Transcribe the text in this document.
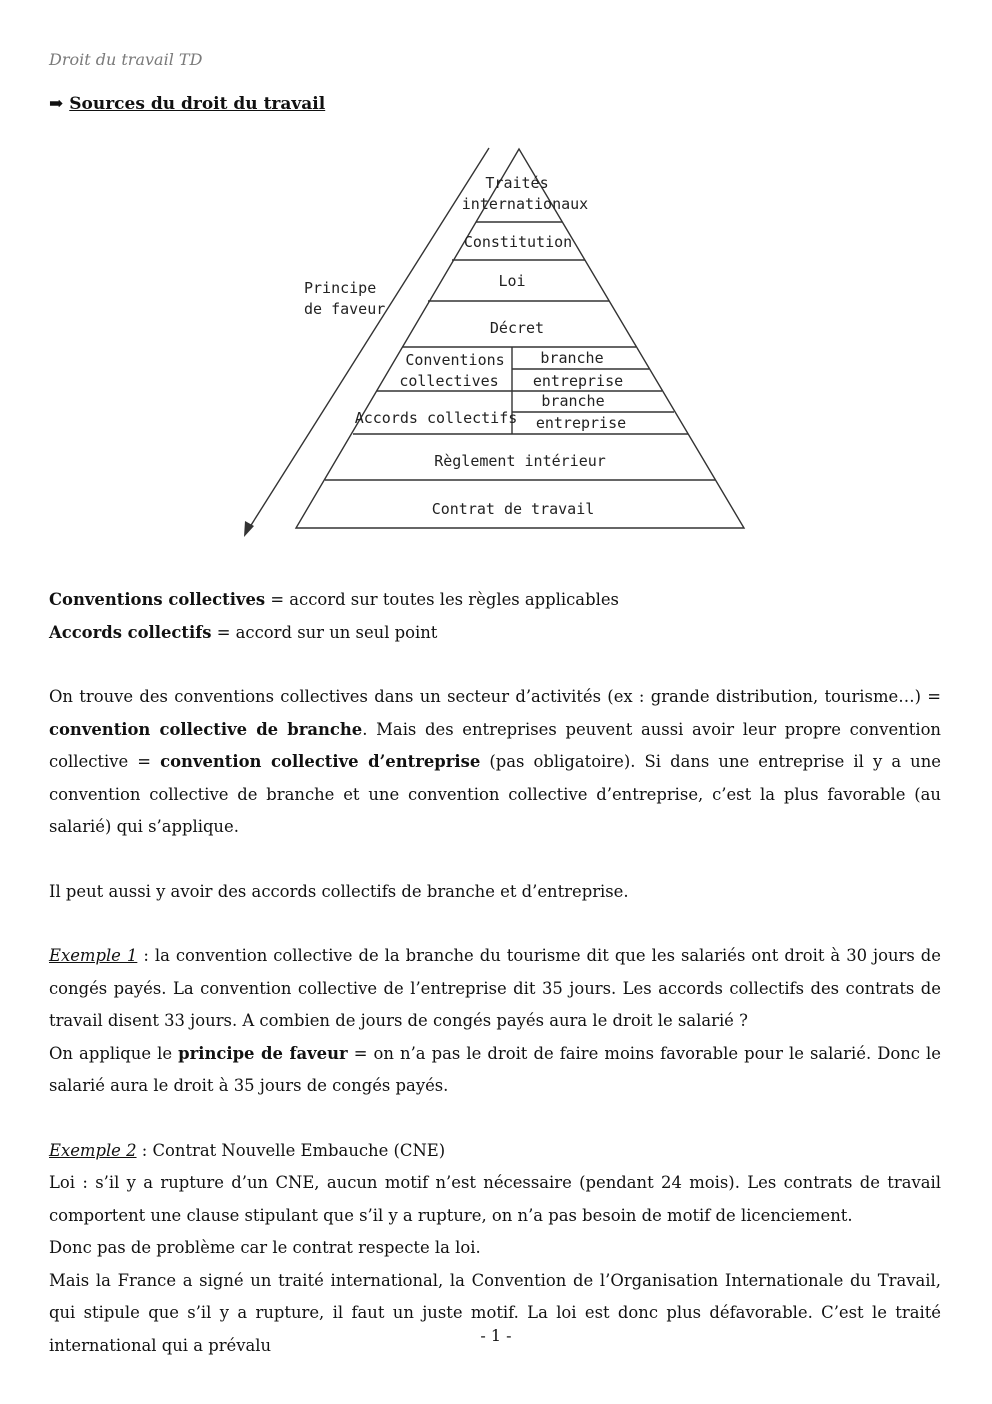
Droit du travail TD
➡ Sources du droit du travail
Principe
de faveur
Traités
internationaux
Constitution
Loi
Décret
Conventions
collectives
branche
entreprise
Accords collectifs
branche
entreprise
Règlement intérieur
Contrat de travail

Conventions collectives = accord sur toutes les règles applicables

Accords collectifs = accord sur un seul point

On trouve des conventions collectives dans un secteur d’activités (ex : grande distribution, tourisme…) = convention collective de branche. Mais des entreprises peuvent aussi avoir leur propre convention collective = convention collective d’entreprise (pas obligatoire). Si dans une entreprise il y a une convention collective de branche et une convention collective d’entreprise, c’est la plus favorable (au salarié) qui s’applique.

Il peut aussi y avoir des accords collectifs de branche et d’entreprise.

Exemple 1 : la convention collective de la branche du tourisme dit que les salariés ont droit à 30 jours de congés payés. La convention collective de l’entreprise dit 35 jours. Les accords collectifs des contrats de travail disent 33 jours. A combien de jours de congés payés aura le droit le salarié ?

On applique le principe de faveur = on n’a pas le droit de faire moins favorable pour le salarié. Donc le salarié aura le droit à 35 jours de congés payés.

Exemple 2 : Contrat Nouvelle Embauche (CNE)

Loi : s’il y a rupture d’un CNE, aucun motif n’est nécessaire (pendant 24 mois). Les contrats de travail comportent une clause stipulant que s’il y a rupture, on n’a pas besoin de motif de licenciement.

Donc pas de problème car le contrat respecte la loi.

Mais la France a signé un traité international, la Convention de l’Organisation Internationale du Travail, qui stipule que s’il y a rupture, il faut un juste motif. La loi est donc plus défavorable. C’est le traité international qui a prévalu	- 1 -
